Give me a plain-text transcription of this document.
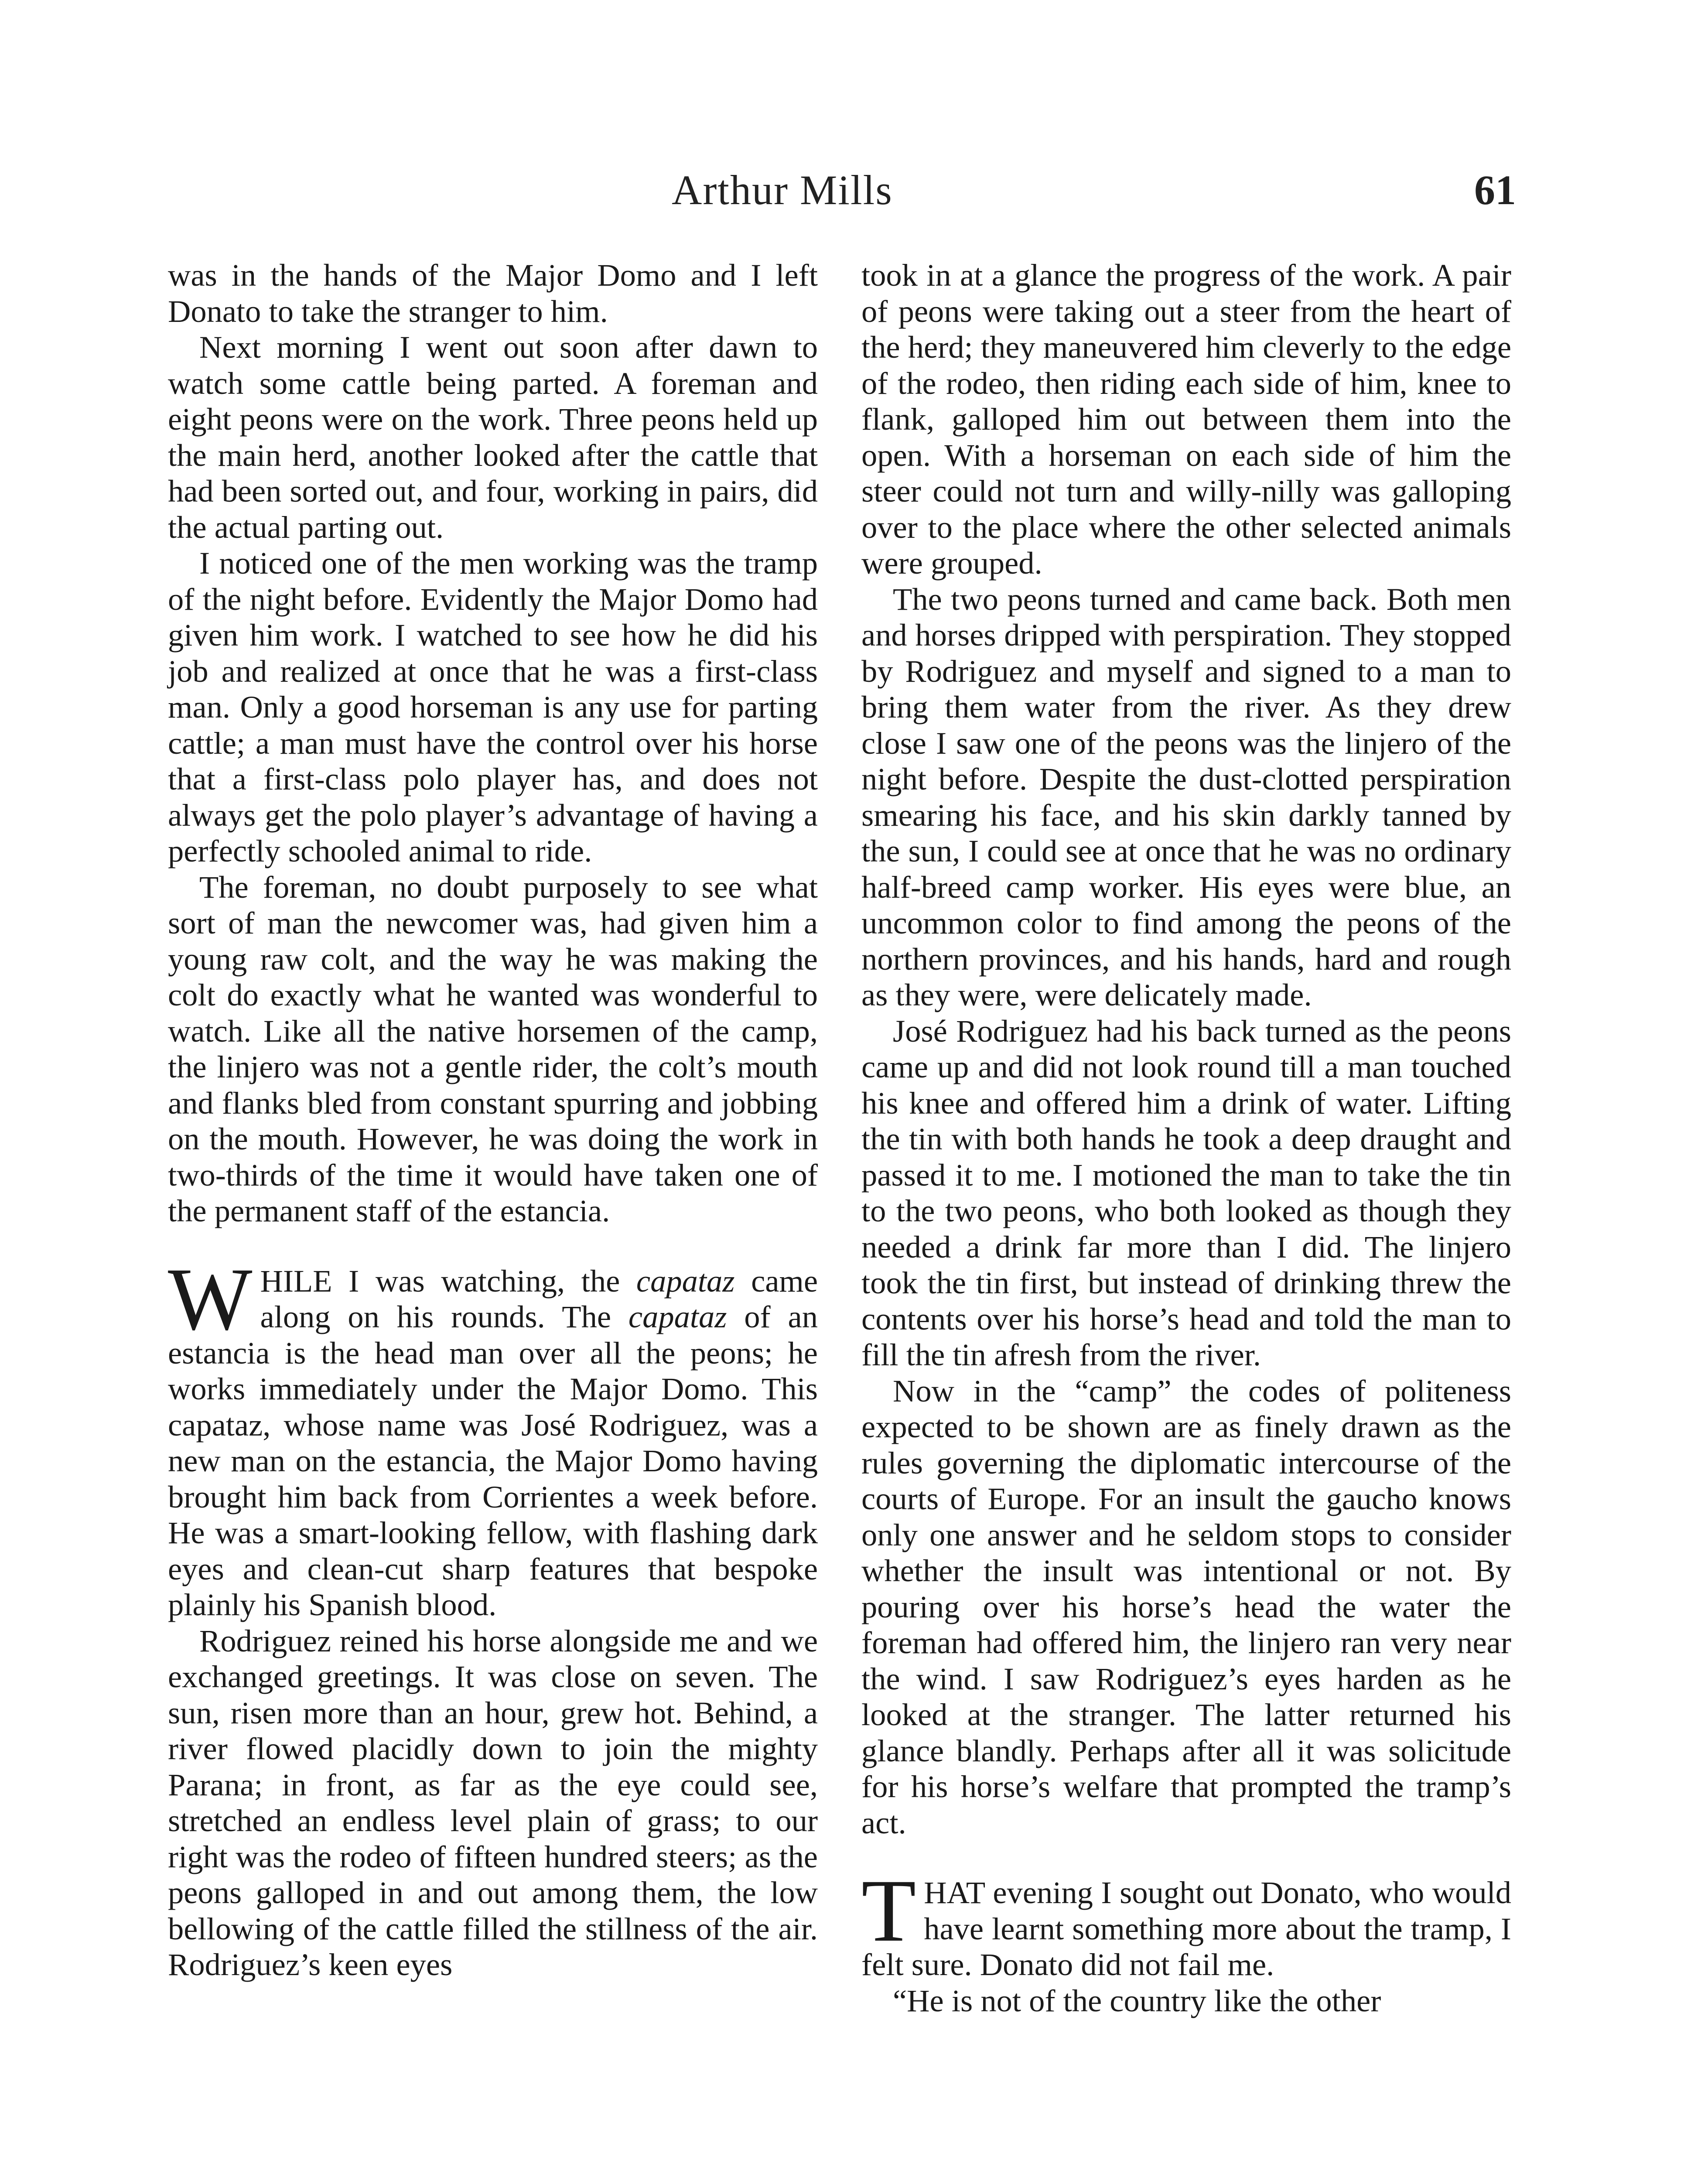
Arthur Mills	61

was in the hands of the Major Domo and I left Donato to take the stranger to him.

Next morning I went out soon after dawn to watch some cattle being parted. A foreman and eight peons were on the work. Three peons held up the main herd, another looked after the cattle that had been sorted out, and four, working in pairs, did the actual parting out.

I noticed one of the men working was the tramp of the night before. Evidently the Major Domo had given him work. I watched to see how he did his job and realized at once that he was a first-class man. Only a good horseman is any use for parting cattle; a man must have the control over his horse that a first-class polo player has, and does not always get the polo player’s advantage of having a perfectly schooled animal to ride.

The foreman, no doubt purposely to see what sort of man the newcomer was, had given him a young raw colt, and the way he was making the colt do exactly what he wanted was wonderful to watch. Like all the native horsemen of the camp, the linjero was not a gentle rider, the colt’s mouth and flanks bled from constant spurring and jobbing on the mouth. However, he was doing the work in two-thirds of the time it would have taken one of the permanent staff of the estancia.

WHILE I was watching, the capataz came along on his rounds. The capataz of an estancia is the head man over all the peons; he works immediately under the Major Domo. This capataz, whose name was José Rodriguez, was a new man on the estancia, the Major Domo having brought him back from Corrientes a week before. He was a smart-looking fellow, with flashing dark eyes and clean-cut sharp features that bespoke plainly his Spanish blood.

Rodriguez reined his horse alongside me and we exchanged greetings. It was close on seven. The sun, risen more than an hour, grew hot. Behind, a river flowed placidly down to join the mighty Parana; in front, as far as the eye could see, stretched an endless level plain of grass; to our right was the rodeo of fifteen hundred steers; as the peons galloped in and out among them, the low bellowing of the cattle filled the stillness of the air. Rodriguez’s keen eyes

took in at a glance the progress of the work. A pair of peons were taking out a steer from the heart of the herd; they maneuvered him cleverly to the edge of the rodeo, then riding each side of him, knee to flank, galloped him out between them into the open. With a horseman on each side of him the steer could not turn and willy-nilly was galloping over to the place where the other selected animals were grouped.

The two peons turned and came back. Both men and horses dripped with perspiration. They stopped by Rodriguez and myself and signed to a man to bring them water from the river. As they drew close I saw one of the peons was the linjero of the night before. Despite the dust-clotted perspiration smearing his face, and his skin darkly tanned by the sun, I could see at once that he was no ordinary half-breed camp worker. His eyes were blue, an uncommon color to find among the peons of the northern provinces, and his hands, hard and rough as they were, were delicately made.

José Rodriguez had his back turned as the peons came up and did not look round till a man touched his knee and offered him a drink of water. Lifting the tin with both hands he took a deep draught and passed it to me. I motioned the man to take the tin to the two peons, who both looked as though they needed a drink far more than I did. The linjero took the tin first, but instead of drinking threw the contents over his horse’s head and told the man to fill the tin afresh from the river.

Now in the “camp” the codes of politeness expected to be shown are as finely drawn as the rules governing the diplomatic intercourse of the courts of Europe. For an insult the gaucho knows only one answer and he seldom stops to consider whether the insult was intentional or not. By pouring over his horse’s head the water the foreman had offered him, the linjero ran very near the wind. I saw Rodriguez’s eyes harden as he looked at the stranger. The latter returned his glance blandly. Perhaps after all it was solicitude for his horse’s welfare that prompted the tramp’s act.

THAT evening I sought out Donato, who would have learnt something more about the tramp, I felt sure. Donato did not fail me.

“He is not of the country like the other
